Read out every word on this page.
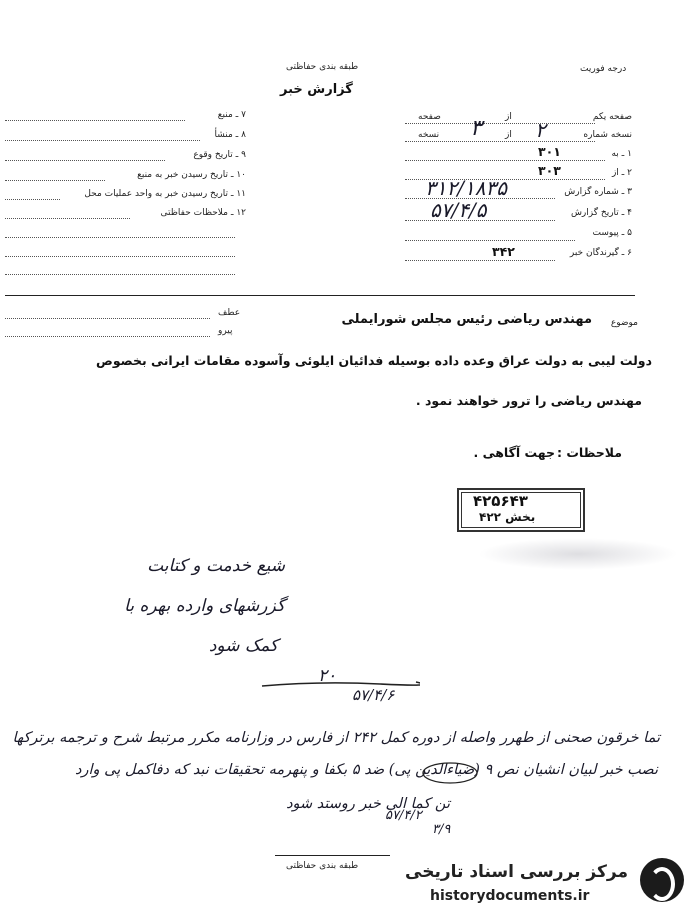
طبقه بندی حفاظتی
گزارش خبر
درجه فوریت
صفحه یکم
از
صفحه
نسخه شماره
۲
از
۳
نسخه
۱ ـ به
۳۰۱
۲ ـ از
۳۰۳
۳ ـ شماره گزارش
۳۱۲/۱۸۳۵
۴ ـ تاریخ گزارش
۵۷/۴/۵
۵ ـ پیوست
۶ ـ گیرندگان خبر
۳۴۲
۷ ـ منبع
۸ ـ منشأ
۹ ـ تاریخ وقوع
۱۰ ـ تاریخ رسیدن خبر به منبع
۱۱ ـ تاریخ رسیدن خبر به واحد عملیات محل
۱۲ ـ ملاحظات حفاظتی
موضوع
مهندس ریاضی رئیس مجلس شورایملی
عطف
پیرو
دولت لیبی به دولت عراق وعده داده بوسیله فدائیان ایلوئی وآسوده مقامات ایرانی بخصوص
مهندس ریاضی را ترور خواهند نمود .
ملاحظات :
جهت آگاهی .
۴۲۵۶۴۳
بخش ۴۲۲
شیع خدمت و کتابت
گزرشهای وارده بهره با
کمک شود
۲۰
۵۷/۴/۶
تما خرقون صحنی از طهرر واصله از دوره کمل ۲۴۲ از فارس در وزارنامه مکرر مرتبط شرح و ترجمه برترکها
نصب خبر لبیان انشیان نص ۹ (ضیاءالدین پی) ضد ۵ بکفا و پنهرمه تحقیقات نبد که دفاکمل پی وارد
تن کما الی خبر روستد شود
۵۷/۴/۲
۳/۹
طبقه بندی حفاظتی	مرکز بررسی اسناد تاریخی
historydocuments.ir
